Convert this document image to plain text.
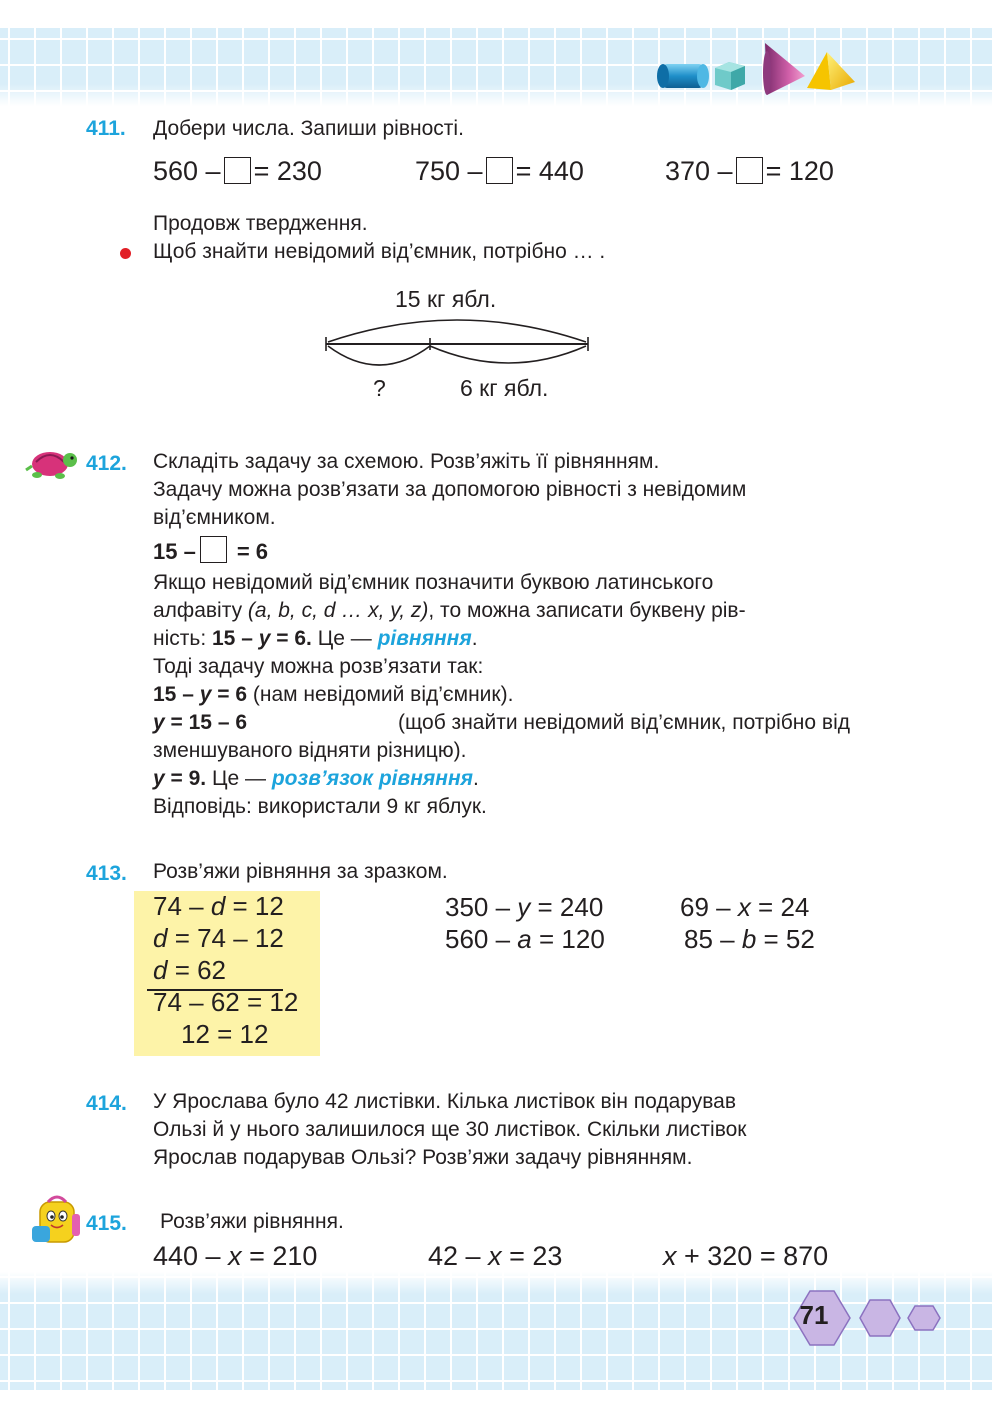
411. Добери числа. Запиши рівності.
560 – = 230	750 – = 440	370 – = 120
Продовж твердження.
Щоб знайти невідомий від’ємник, потрібно … .
15 кг ябл.
?	6 кг ябл.
412. Складіть задачу за схемою. Розв’яжіть її рівнянням.
Задачу можна розв’язати за допомогою рівності з невідомим
від’ємником.
15 – = 6
Якщо невідомий від’ємник позначити буквою латинського
алфавіту (a, b, c, d … x, y, z), то можна записати буквену рів-
ність: 15 – y = 6. Це — рівняння.
Тоді задачу можна розв’язати так:
15 – y = 6 (нам невідомий від’ємник).
y = 15 – 6	(щоб знайти невідомий від’ємник, потрібно від
зменшуваного відняти різницю).
y = 9. Це — розв’язок рівняння.
Відповідь: використали 9 кг яблук.
413. Розв’яжи рівняння за зразком.
74 – d = 12
d = 74 – 12
d = 62
74 – 62 = 12
12 = 12
350 – y = 240	69 – x = 24
560 – a = 120	85 – b = 52
414. У Ярослава було 42 листівки. Кілька листівок він подарував
Ользі й у нього залишилося ще 30 листівок. Скільки листівок
Ярослав подарував Ользі? Розв’яжи задачу рівнянням.
415. Розв’яжи рівняння.
440 – x = 210	42 – x = 23	x + 320 = 870
71
